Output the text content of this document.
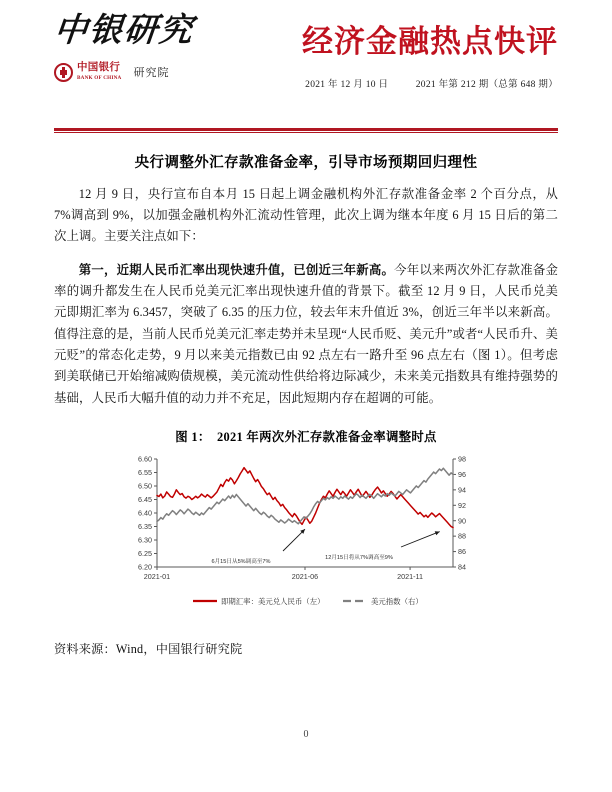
中银研究
中国银行
BANK OF CHINA 研究院
经济金融热点快评
2021 年 12 月 10 日	2021 年第 212 期（总第 648 期）
央行调整外汇存款准备金率，引导市场预期回归理性

12 月 9 日，央行宣布自本月 15 日起上调金融机构外汇存款准备金率 2 个百分点，从 7%调高到 9%，以加强金融机构外汇流动性管理，此次上调为继本年度 6 月 15 日后的第二次上调。主要关注点如下：

第一，近期人民币汇率出现快速升值，已创近三年新高。今年以来两次外汇存款准备金率的调升都发生在人民币兑美元汇率出现快速升值的背景下。截至 12 月 9 日，人民币兑美元即期汇率为 6.3457，突破了 6.35 的压力位，较去年末升值近 3%，创近三年半以来新高。值得注意的是，当前人民币兑美元汇率走势并未呈现“人民币贬、美元升”或者“人民币升、美元贬”的常态化走势，9 月以来美元指数已由 92 点左右一路升至 96 点左右（图 1）。但考虑到美联储已开始缩减购债规模，美元流动性供给将边际减少，未来美元指数具有维持强势的基础，人民币大幅升值的动力并不充足，因此短期内存在超调的可能。

图 1：　2021 年两次外汇存款准备金率调整时点
6.60
6.55
6.50
6.45
6.40
6.35
6.30
6.25
6.20
98
96
94
92
90
88
86
84
2021-01	2021-06	2021-11
6月15日从5%调高至7%
12月15日将从7%调高至9%
即期汇率：美元兑人民币（左）	美元指数（右）
资料来源：Wind，中国银行研究院
0
